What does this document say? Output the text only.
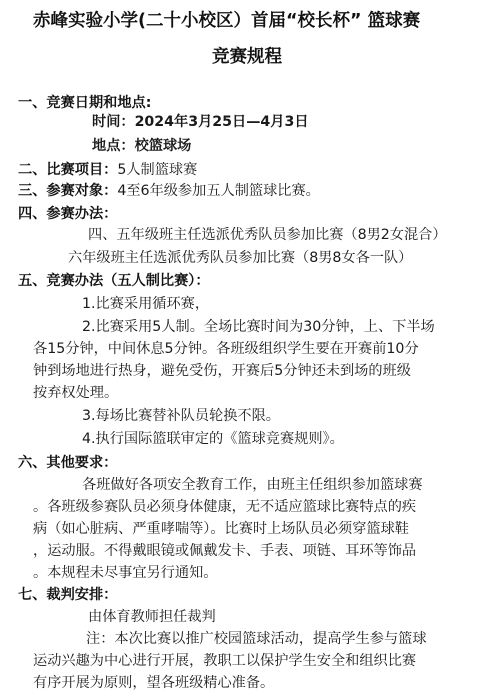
赤峰实验小学(二十小校区）首届“校长杯” 篮球赛
竞赛规程
一、竞赛日期和地点:
时间：2024年3月25日—4月3日
地点：校篮球场
二、比赛项目：5人制篮球赛
三、参赛对象：4至6年级参加五人制篮球比赛。
四、参赛办法：
四、五年级班主任选派优秀队员参加比赛（8男2女混合）
六年级班主任选派优秀队员参加比赛（8男8女各一队）
五、竞赛办法（五人制比赛）：
1.比赛采用循环赛，
2.比赛采用5人制。全场比赛时间为30分钟，上、下半场
各15分钟，中间休息5分钟。各班级组织学生要在开赛前10分
钟到场地进行热身，避免受伤，开赛后5分钟还未到场的班级
按弃权处理。
3.每场比赛替补队员轮换不限。
4.执行国际篮联审定的《篮球竞赛规则》。
六、其他要求：
各班做好各项安全教育工作，由班主任组织参加篮球赛
。各班级参赛队员必须身体健康，无不适应篮球比赛特点的疾
病（如心脏病、严重哮喘等）。比赛时上场队员必须穿篮球鞋
，运动服。不得戴眼镜或佩戴发卡、手表、项链、耳环等饰品
。本规程未尽事宜另行通知。
七、裁判安排：
由体育教师担任裁判
注：本次比赛以推广校园篮球活动，提高学生参与篮球
运动兴趣为中心进行开展，教职工以保护学生安全和组织比赛
有序开展为原则，望各班级精心准备。
